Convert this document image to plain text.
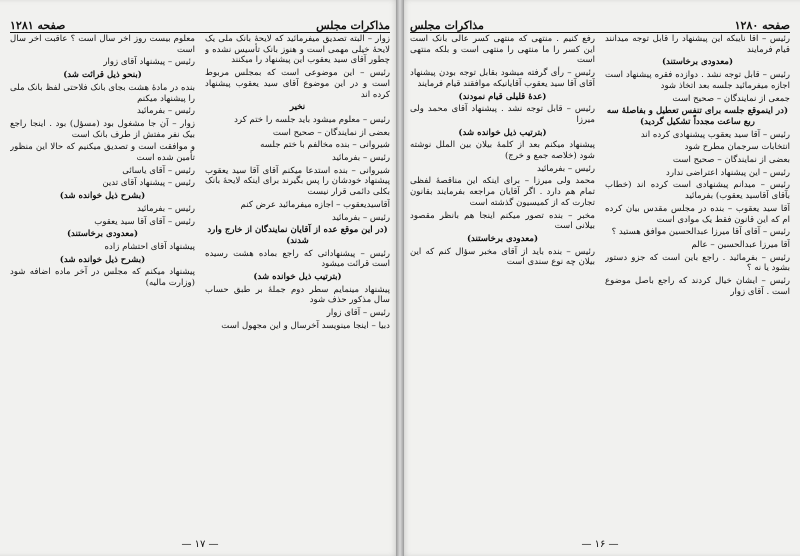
صفحه ۱۲۸۱	مذاکرات مجلس

زوار – البته تصدیق میفرمائید که لایحهٔ بانک ملی یک لایحهٔ خیلی مهمی است و هنوز بانک تأسیس نشده و چطور آقای سید یعقوب این پیشنهاد را میکنند

رئیس – این موضوعی است که بمجلس مربوط است و در این موضوع آقای سید یعقوب پیشنهاد کرده اند

نخیر

رئیس – معلوم میشود باید جلسه را ختم کرد

بعضی از نمایندگان – صحیح است

شیروانی – بنده مخالفم با ختم جلسه

رئیس – بفرمائید

شیروانی – بنده استدعا میکنم آقای آقا سید یعقوب پیشنهاد خودشان را پس بگیرند برای اینکه لایحهٔ بانک بکلی دائمی قرار نیست

آقاسیدیعقوب – اجازه میفرمائید عرض کنم

رئیس – بفرمائید

(در این موقع عده از آقایان نمایندگان از خارج وارد شدند)

رئیس – پیشنهاداتی که راجع بماده هشت رسیده است قرائت میشود

(بترتیب ذیل خوانده شد)

پیشنهاد مینمایم سطر دوم جملهٔ بر طبق حساب سال مذکور حذف شود

رئیس – آقای زوار

دبیا – اینجا مینویسد آخرسال و این مجهول است

معلوم بیست روز آخر سال است ؟ عاقبت آخر سال است

رئیس – پیشنهاد آقای زوار

(بنحو ذیل قرائت شد)

بنده در مادهٔ هشت بجای بانک فلاحتی لفظ بانک ملی را پیشنهاد میکنم

رئیس – بفرمائید

زوار – آن جا مشغول بود (مسؤل) بود . اینجا راجع بیک نفر مفتش از طرف بانک است

و موافقت است و تصدیق میکنیم که حالا این منظور تأمین شده است

رئیس – آقای یاسائی

رئیس – پیشنهاد آقای تدین

(بشرح ذیل خوانده شد)

رئیس – بفرمائید

رئیس – آقای آقا سید یعقوب

(معدودی برخاستند)

پیشنهاد آقای احتشام زاده

(بشرح ذیل خوانده شد)

پیشنهاد میکنم که مجلس در آخر ماده اضافه شود (وزارت مالیه)

— ۱۷ —
مذاکرات مجلس	صفحه ۱۲۸۰

رئیس – آقا نایبکه این پیشنهاد را قابل توجه میدانند قیام فرمایند

(معدودی برخاستند)

رئیس – قابل توجه نشد . دوازده فقره پیشنهاد است اجازه میفرمائید جلسه بعد اتخاذ شود

جمعی از نمایندگان – صحیح است

(در اینموقع جلسه برای تنفس تعطیل و بفاصلهٔ سه ربع ساعت مجدداً تشکیل گردید)

رئیس – آقا سید یعقوب پیشنهادی کرده اند

انتخابات سرجمان مطرح شود

بعضی از نمایندگان – صحیح است

رئیس – این پیشنهاد اعتراضی ندارد

رئیس – میدانم پیشنهادی است کرده اند (خطاب بآقای آقاسید یعقوب) بفرمائید

آقا سید یعقوب – بنده در مجلس مقدس بیان کرده ام که این قانون فقط یک موادی است

رئیس – آقای آقا میرزا عبدالحسین موافق هستید ؟

آقا میرزا عبدالحسین – عالم

رئیس – بفرمائید . راجع باین است که جزو دستور بشود یا نه ؟

رئیس – ایشان خیال کردند که راجع باصل موضوع است . آقای زوار

رفع کنیم . منتهی که منتهی کسر عالی بانک است این کسر را ما منتهی را منتهی است و بلکه منتهی است

رئیس – رأی گرفته میشود بقابل توجه بودن پیشنهاد آقای آقا سید یعقوب آقایانیکه موافقند قیام فرمایند

(عدهٔ قلیلی قیام نمودند)

رئیس – قابل توجه نشد . پیشنهاد آقای محمد ولی میرزا

(بترتیب ذیل خوانده شد)

پیشنهاد میکنم بعد از کلمهٔ بیلان بین الملل نوشته شود (خلاصه جمع و خرج)

رئیس – بفرمائید

محمد ولی میرزا – برای اینکه این مناقصهٔ لفظی تمام هم دارد . اگر آقایان مراجعه بفرمایند بقانون تجارت که از کمیسیون گذشته است

مخبر – بنده تصور میکنم اینجا هم بانظر مقصود بیلانی است

(معدودی برخاستند)

رئیس – بنده باید از آقای مخبر سؤال کنم که این بیلان چه نوع سندی است

— ۱۶ —
